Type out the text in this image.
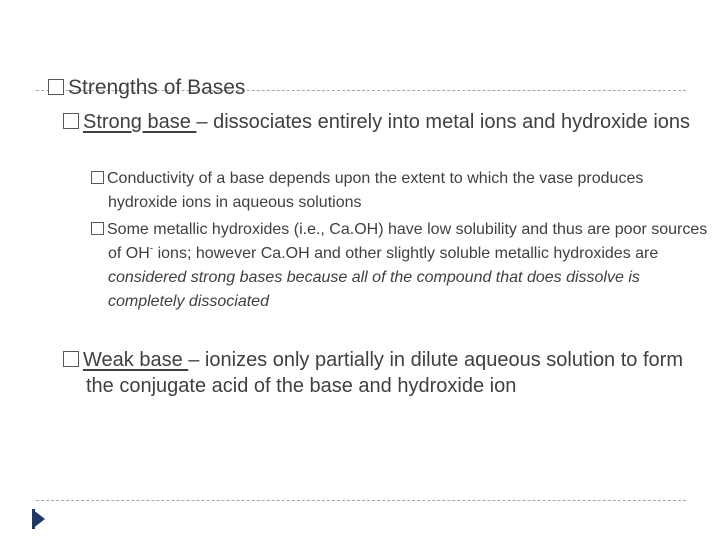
Strengths of Bases
Strong base – dissociates entirely into metal ions and hydroxide ions
Conductivity of a base depends upon the extent to which the vase produces hydroxide ions in aqueous solutions
Some metallic hydroxides (i.e., Ca.OH) have low solubility and thus are poor sources of OH- ions; however Ca.OH and other slightly soluble metallic hydroxides are considered strong bases because all of the compound that does dissolve is completely dissociated
Weak base – ionizes only partially in dilute aqueous solution to form the conjugate acid of the base and hydroxide ion
